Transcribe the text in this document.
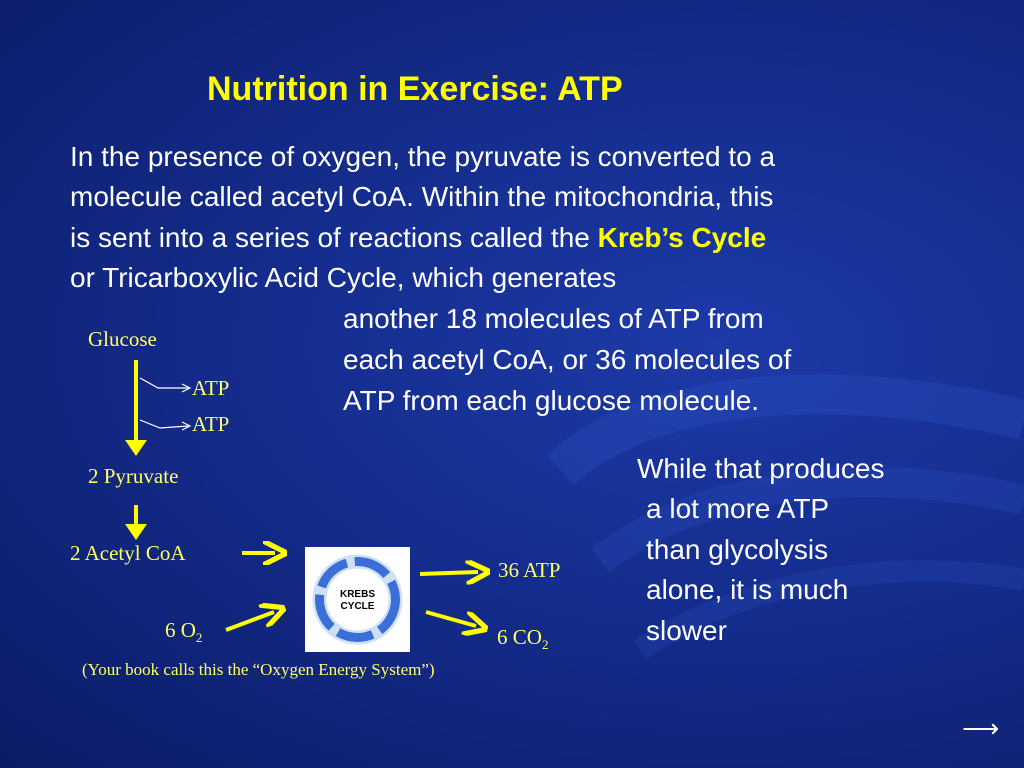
Nutrition in Exercise: ATP
In the presence of oxygen, the pyruvate is converted to a
molecule called acetyl CoA. Within the mitochondria, this
is sent into a series of reactions called the Kreb’s Cycle
or Tricarboxylic Acid Cycle, which generates
another 18 molecules of ATP from
each acetyl CoA, or 36 molecules of
ATP from each glucose molecule.
While that produces
a lot more ATP
than glycolysis
alone, it is much
slower
Glucose
ATP
ATP
2 Pyruvate
2 Acetyl CoA
6 $O_2$
36 ATP
6 $CO_2$
KREBS
CYCLE
(Your book calls this the “Oxygen Energy System”)
⟶
